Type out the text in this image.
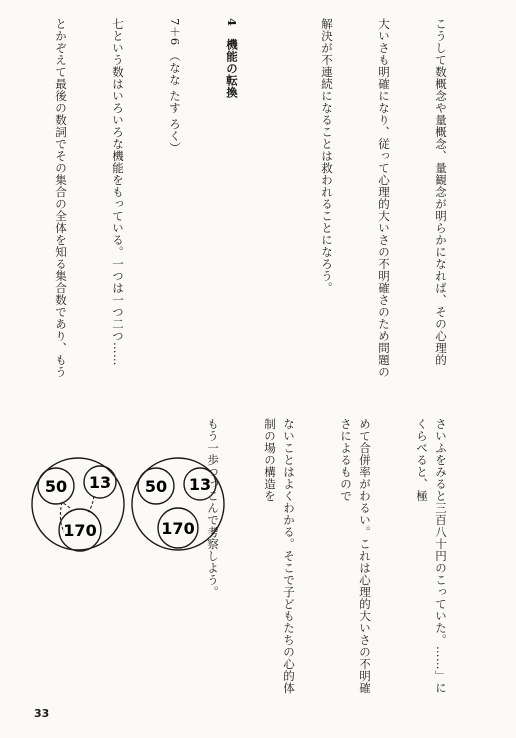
こうして数概念や量概念、量観念が明らかになれば、その心理的

大いさも明確になり、従って心理的大いさの不明確さのため問題の

解決が不連続になることは救われることになろう。

4　機能の転換

7＋6 （なな たす ろく）

七という数はいろいろな機能をもっている。一つは一つ二つ……

とかぞえて最後の数詞でその集合の全体を知る集合数であり、もう

さいふをみると三百八十円のこっていた。……」にくらべると、極

めて合併率がわるい。これは心理的大いさの不明確さによるもので

ないことはよくわかる。そこで子どもたちの心的体制の場の構造を

もう一歩つっこんで考察しよう。

50 13
170
50 13
170
33
